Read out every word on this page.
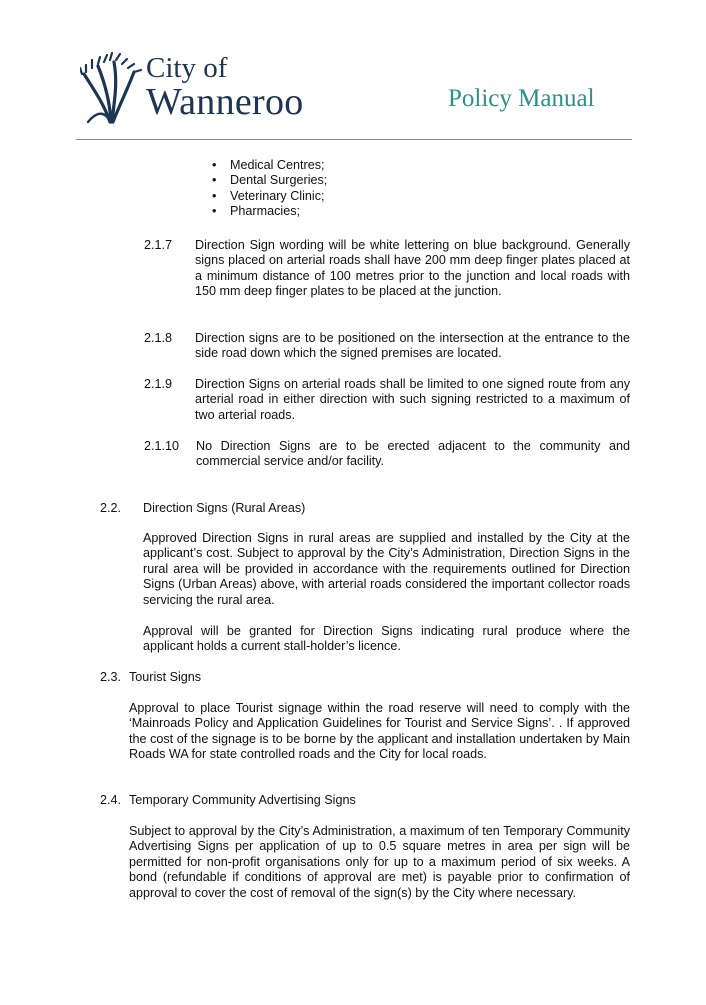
City of
Wanneroo	Policy Manual
• Medical Centres;
• Dental Surgeries;
• Veterinary Clinic;
• Pharmacies;
2.1.7 Direction Sign wording will be white lettering on blue background. Generally signs placed on arterial roads shall have 200 mm deep finger plates placed at a minimum distance of 100 metres prior to the junction and local roads with 150 mm deep finger plates to be placed at the junction.
2.1.8 Direction signs are to be positioned on the intersection at the entrance to the side road down which the signed premises are located.
2.1.9 Direction Signs on arterial roads shall be limited to one signed route from any arterial road in either direction with such signing restricted to a maximum of two arterial roads.
2.1.10 No Direction Signs are to be erected adjacent to the community and commercial service and/or facility.
2.2. Direction Signs (Rural Areas)
Approved Direction Signs in rural areas are supplied and installed by the City at the applicant’s cost. Subject to approval by the City’s Administration, Direction Signs in the rural area will be provided in accordance with the requirements outlined for Direction Signs (Urban Areas) above, with arterial roads considered the important collector roads servicing the rural area.
Approval will be granted for Direction Signs indicating rural produce where the applicant holds a current stall-holder’s licence.
2.3. Tourist Signs
Approval to place Tourist signage within the road reserve will need to comply with the ‘Mainroads Policy and Application Guidelines for Tourist and Service Signs’. . If approved the cost of the signage is to be borne by the applicant and installation undertaken by Main Roads WA for state controlled roads and the City for local roads.
2.4. Temporary Community Advertising Signs
Subject to approval by the City’s Administration, a maximum of ten Temporary Community Advertising Signs per application of up to 0.5 square metres in area per sign will be permitted for non-profit organisations only for up to a maximum period of six weeks. A bond (refundable if conditions of approval are met) is payable prior to confirmation of approval to cover the cost of removal of the sign(s) by the City where necessary.
